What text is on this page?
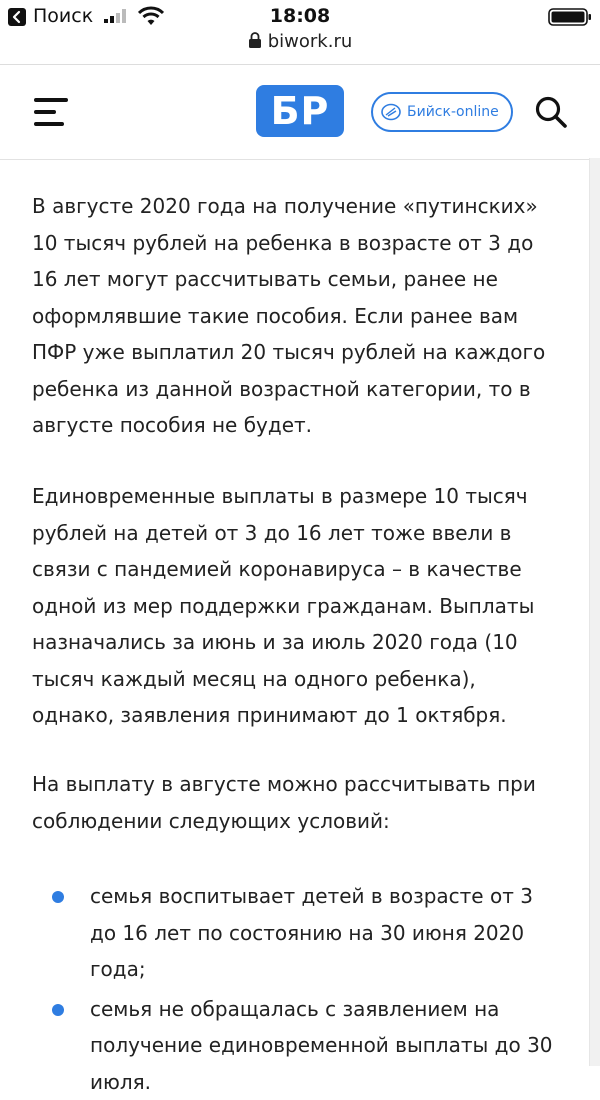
Поиск	18:08
biwork.ru
БР	Бийск-online

В августе 2020 года на получение «путинских» 10 тысяч рублей на ребенка в возрасте от 3 до 16 лет могут рассчитывать семьи, ранее не оформлявшие такие пособия. Если ранее вам ПФР уже выплатил 20 тысяч рублей на каждого ребенка из данной возрастной категории, то в августе пособия не будет.

Единовременные выплаты в размере 10 тысяч рублей на детей от 3 до 16 лет тоже ввели в связи с пандемией коронавируса – в качестве одной из мер поддержки гражданам. Выплаты назначались за июнь и за июль 2020 года (10 тысяч каждый месяц на одного ребенка), однако, заявления принимают до 1 октября.

На выплату в августе можно рассчитывать при соблюдении следующих условий:

семья воспитывает детей в возрасте от 3 до 16 лет по состоянию на 30 июня 2020 года;
семья не обращалась с заявлением на получение единовременной выплаты до 30 июля.
